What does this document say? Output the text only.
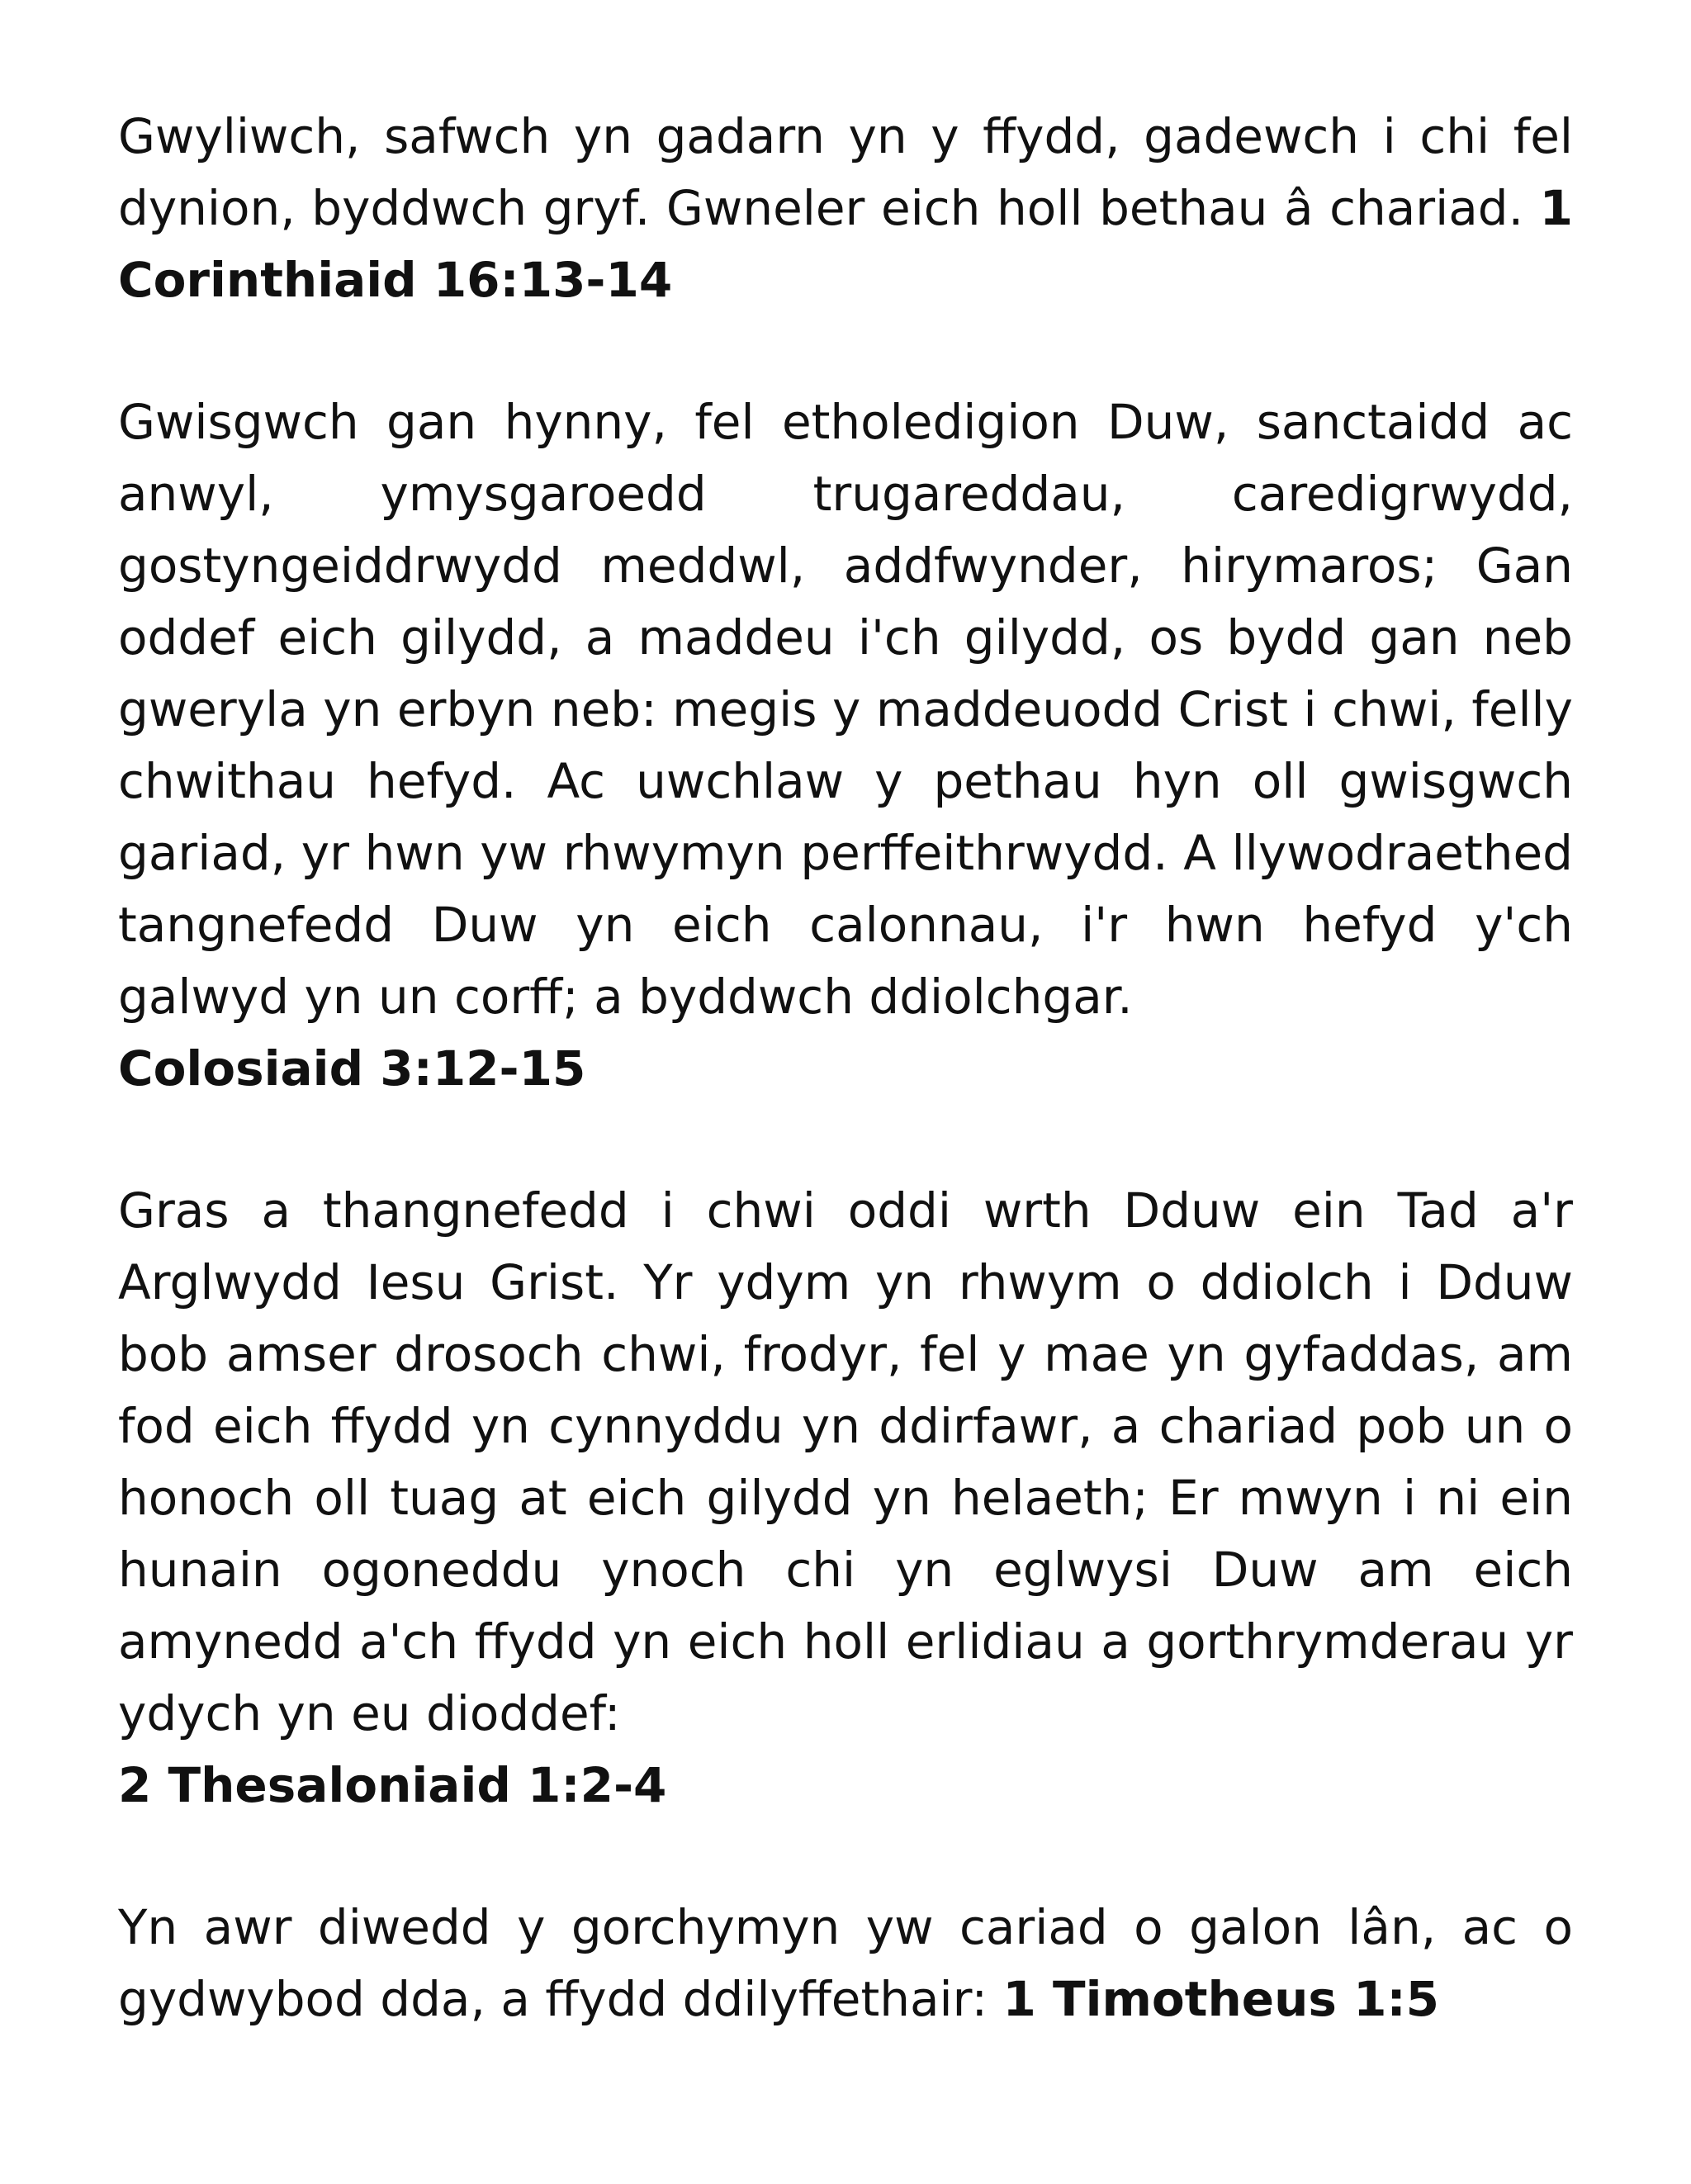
Gwyliwch, safwch yn gadarn yn y ffydd, gadewch i chi fel dynion, byddwch gryf. Gwneler eich holl bethau â chariad. 1 Corinthiaid 16:13-14

Gwisgwch gan hynny, fel etholedigion Duw, sanctaidd ac anwyl, ymysgaroedd trugareddau, caredigrwydd, gostyngeiddrwydd meddwl, addfwynder, hirymaros; Gan oddef eich gilydd, a maddeu i'ch gilydd, os bydd gan neb gweryla yn erbyn neb: megis y maddeuodd Crist i chwi, felly chwithau hefyd. Ac uwchlaw y pethau hyn oll gwisgwch gariad, yr hwn yw rhwymyn perffeithrwydd. A llywodraethed tangnefedd Duw yn eich calonnau, i'r hwn hefyd y'ch galwyd yn un corff; a byddwch ddiolchgar.
Colosiaid 3:12-15

Gras a thangnefedd i chwi oddi wrth Dduw ein Tad a'r Arglwydd Iesu Grist. Yr ydym yn rhwym o ddiolch i Dduw bob amser drosoch chwi, frodyr, fel y mae yn gyfaddas, am fod eich ffydd yn cynnyddu yn ddirfawr, a chariad pob un o honoch oll tuag at eich gilydd yn helaeth; Er mwyn i ni ein hunain ogoneddu ynoch chi yn eglwysi Duw am eich amynedd a'ch ffydd yn eich holl erlidiau a gorthrymderau yr ydych yn eu dioddef:
2 Thesaloniaid 1:2-4

Yn awr diwedd y gorchymyn yw cariad o galon lân, ac o gydwybod dda, a ffydd ddilyffethair: 1 Timotheus 1:5
